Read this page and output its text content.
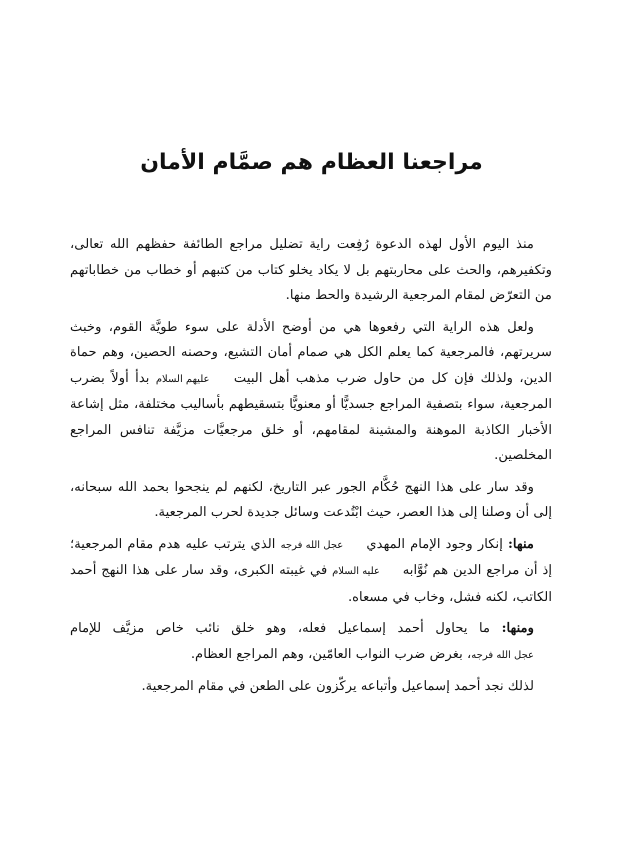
مراجعنا العظام هم صمَّام الأمان

منذ اليوم الأول لهذه الدعوة رُفِعت راية تضليل مراجع الطائفة حفظهم الله تعالى، وتكفيرهم، والحث على محاربتهم بل لا يكاد يخلو كتاب من كتبهم أو خطاب من خطاباتهم من التعرّض لمقام المرجعية الرشيدة والحط منها.

ولعل هذه الراية التي رفعوها هي من أوضح الأدلة على سوء طويَّة القوم، وخبث سريرتهم، فالمرجعية كما يعلم الكل هي صمام أمان التشيع، وحصنه الحصين، وهم حماة الدين، ولذلك فإن كل من حاول ضرب مذهب أهل البيت عليهم السلام بدأ أولاً بضرب المرجعية، سواء بتصفية المراجع جسديًّا أو معنويًّا بتسقيطهم بأساليب مختلفة، مثل إشاعة الأخبار الكاذبة الموهنة والمشينة لمقامهم، أو خلق مرجعيَّات مزيَّفة تنافس المراجع المخلصين.

وقد سار على هذا النهج حُكَّام الجور عبر التاريخ، لكنهم لم ينجحوا بحمد الله سبحانه، إلى أن وصلنا إلى هذا العصر، حيث ابْتُدعت وسائل جديدة لحرب المرجعية.

منها: إنكار وجود الإمام المهدي عجل الله فرجه الذي يترتب عليه هدم مقام المرجعية؛ إذ أن مراجع الدين هم نُوَّابه عليه السلام في غيبته الكبرى، وقد سار على هذا النهج أحمد الكاتب، لكنه فشل، وخاب في مسعاه.

ومنها: ما يحاول أحمد إسماعيل فعله، وهو خلق نائب خاص مزيَّف للإمام عجل الله فرجه، بغرض ضرب النواب العامّين، وهم المراجع العظام.

لذلك نجد أحمد إسماعيل وأتباعه يركّزون على الطعن في مقام المرجعية.
